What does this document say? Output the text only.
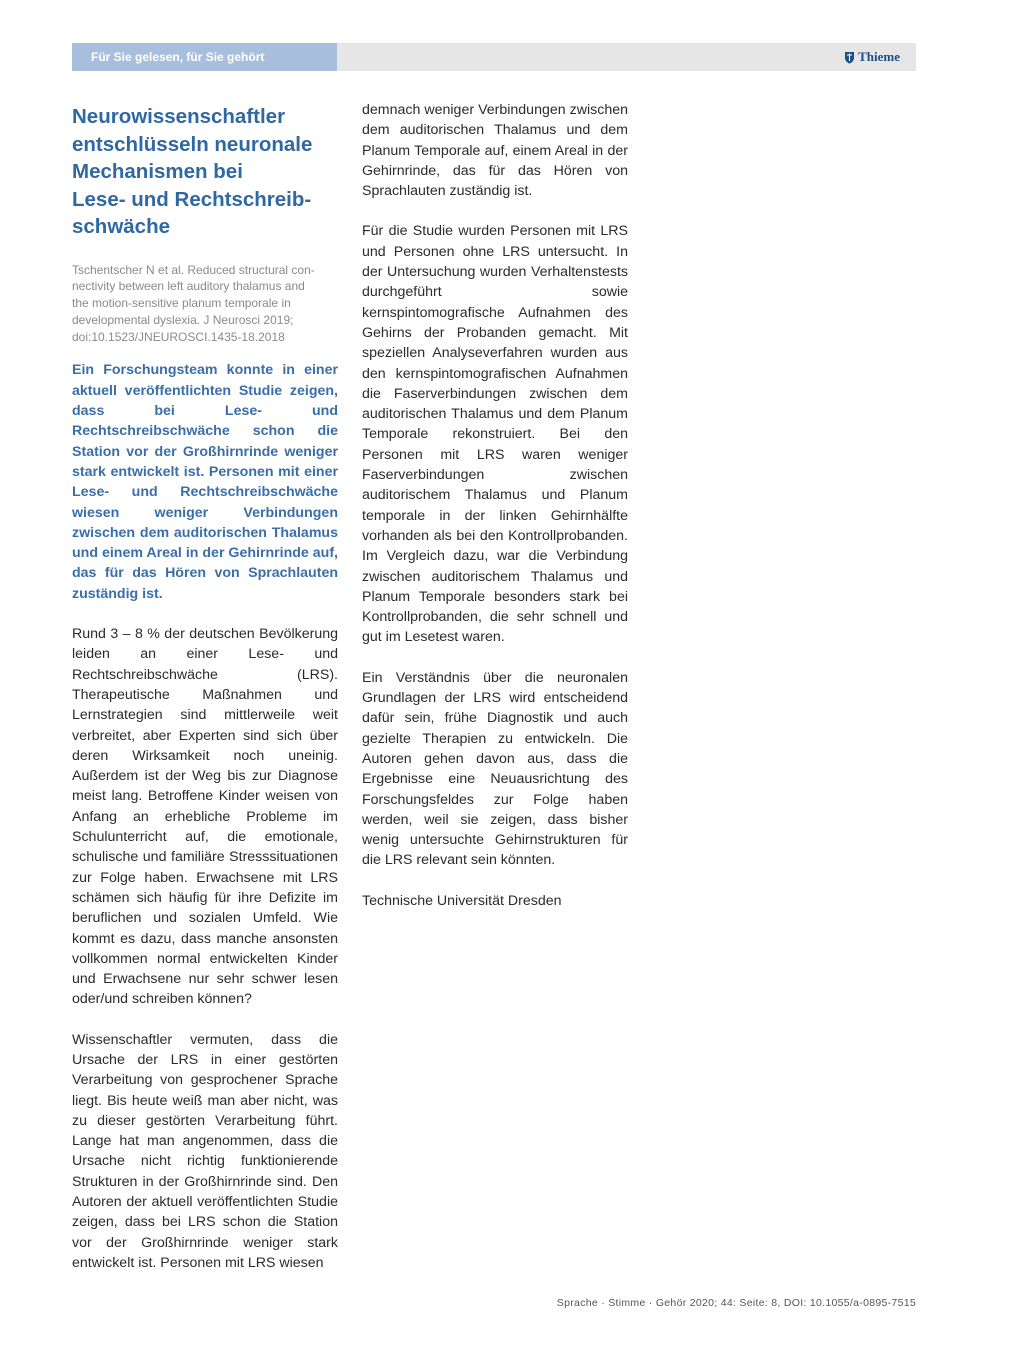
Für Sie gelesen, für Sie gehört	Thieme
Neurowissenschaftler
entschlüsseln neuronale
Mechanismen bei
Lese- und Rechtschreib-
schwäche

Tschentscher N et al. Reduced structural con-
nectivity between left auditory thalamus and
the motion-sensitive planum temporale in
developmental dyslexia. J Neurosci 2019;
doi:10.1523/JNEUROSCI.1435-18.2018

Ein Forschungsteam konnte in einer aktuell veröffentlichten Studie zeigen, dass bei Lese- und Rechtschreibschwäche schon die Station vor der Großhirnrinde weniger stark entwickelt ist. Personen mit einer Lese- und Rechtschreibschwäche wiesen weniger Verbindungen zwischen dem auditorischen Thalamus und einem Areal in der Gehirnrinde auf, das für das Hören von Sprachlauten zuständig ist.

Rund 3 – 8 % der deutschen Bevölkerung leiden an einer Lese- und Rechtschreibschwäche (LRS). Therapeutische Maßnahmen und Lernstrategien sind mittlerweile weit verbreitet, aber Experten sind sich über deren Wirksamkeit noch uneinig. Außerdem ist der Weg bis zur Diagnose meist lang. Betroffene Kinder weisen von Anfang an erhebliche Probleme im Schulunterricht auf, die emotionale, schulische und familiäre Stresssituationen zur Folge haben. Erwachsene mit LRS schämen sich häufig für ihre Defizite im beruflichen und sozialen Umfeld. Wie kommt es dazu, dass manche ansonsten vollkommen normal entwickelten Kinder und Erwachsene nur sehr schwer lesen oder/und schreiben können?

Wissenschaftler vermuten, dass die Ursache der LRS in einer gestörten Verarbeitung von gesprochener Sprache liegt. Bis heute weiß man aber nicht, was zu dieser gestörten Verarbeitung führt. Lange hat man angenommen, dass die Ursache nicht richtig funktionierende Strukturen in der Großhirnrinde sind. Den Autoren der aktuell veröffentlichten Studie zeigen, dass bei LRS schon die Station vor der Großhirnrinde weniger stark entwickelt ist. Personen mit LRS wiesen

demnach weniger Verbindungen zwischen dem auditorischen Thalamus und dem Planum Temporale auf, einem Areal in der Gehirnrinde, das für das Hören von Sprachlauten zuständig ist.

Für die Studie wurden Personen mit LRS und Personen ohne LRS untersucht. In der Untersuchung wurden Verhaltenstests durchgeführt sowie kernspintomografische Aufnahmen des Gehirns der Probanden gemacht. Mit speziellen Analyseverfahren wurden aus den kernspintomografischen Aufnahmen die Faserverbindungen zwischen dem auditorischen Thalamus und dem Planum Temporale rekonstruiert. Bei den Personen mit LRS waren weniger Faserverbindungen zwischen auditorischem Thalamus und Planum temporale in der linken Gehirnhälfte vorhanden als bei den Kontrollprobanden. Im Vergleich dazu, war die Verbindung zwischen auditorischem Thalamus und Planum Temporale besonders stark bei Kontrollprobanden, die sehr schnell und gut im Lesetest waren.

Ein Verständnis über die neuronalen Grundlagen der LRS wird entscheidend dafür sein, frühe Diagnostik und auch gezielte Therapien zu entwickeln. Die Autoren gehen davon aus, dass die Ergebnisse eine Neuausrichtung des Forschungsfeldes zur Folge haben werden, weil sie zeigen, dass bisher wenig untersuchte Gehirnstrukturen für die LRS relevant sein könnten.

Technische Universität Dresden

Sprache · Stimme · Gehör 2020; 44: Seite: 8, DOI: 10.1055/a-0895-7515
